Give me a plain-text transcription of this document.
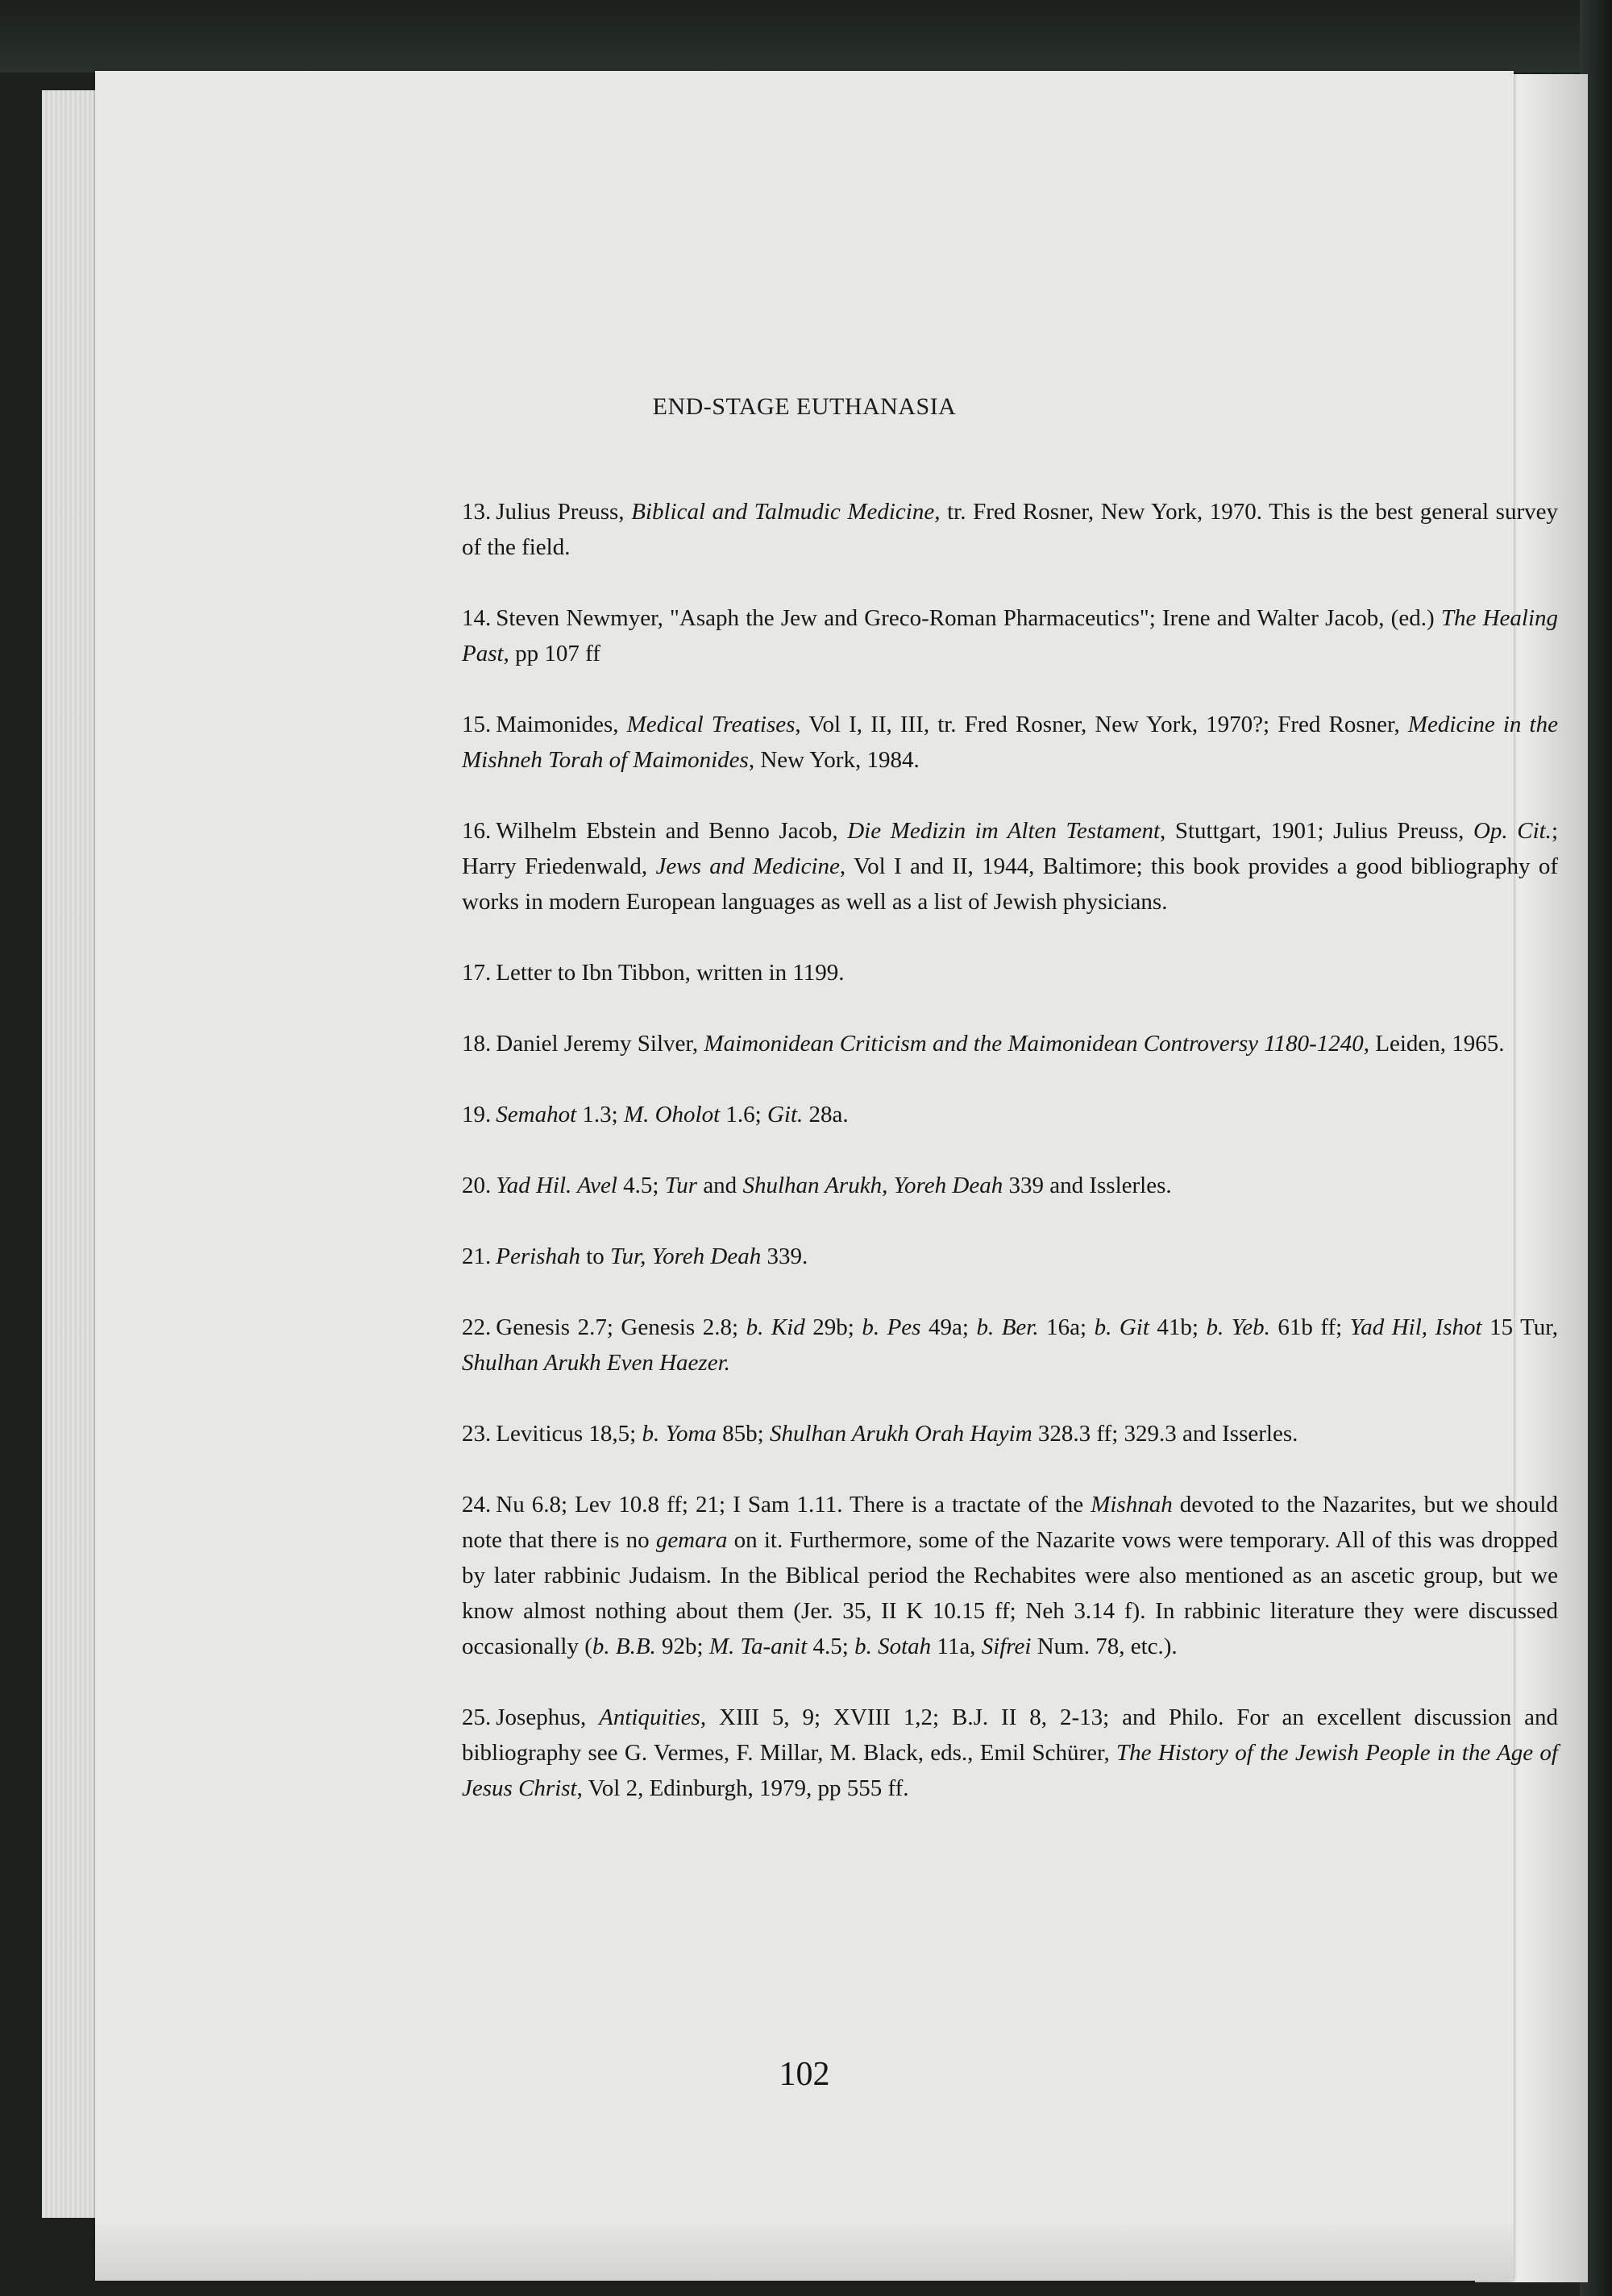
END-STAGE EUTHANASIA

13. Julius Preuss, Biblical and Talmudic Medicine, tr. Fred Rosner, New York, 1970. This is the best general survey of the field.

14. Steven Newmyer, "Asaph the Jew and Greco-Roman Pharmaceutics"; Irene and Walter Jacob, (ed.) The Healing Past, pp 107 ff

15. Maimonides, Medical Treatises, Vol I, II, III, tr. Fred Rosner, New York, 1970?; Fred Rosner, Medicine in the Mishneh Torah of Maimonides, New York, 1984.

16. Wilhelm Ebstein and Benno Jacob, Die Medizin im Alten Testament, Stuttgart, 1901; Julius Preuss, Op. Cit.; Harry Friedenwald, Jews and Medicine, Vol I and II, 1944, Baltimore; this book provides a good bibliography of works in modern European languages as well as a list of Jewish physicians.

17. Letter to Ibn Tibbon, written in 1199.

18. Daniel Jeremy Silver, Maimonidean Criticism and the Maimonidean Controversy 1180-1240, Leiden, 1965.

19. Semahot 1.3; M. Oholot 1.6; Git. 28a.

20. Yad Hil. Avel 4.5; Tur and Shulhan Arukh, Yoreh Deah 339 and Isslerles.

21. Perishah to Tur, Yoreh Deah 339.

22. Genesis 2.7; Genesis 2.8; b. Kid 29b; b. Pes 49a; b. Ber. 16a; b. Git 41b; b. Yeb. 61b ff; Yad Hil, Ishot 15 Tur, Shulhan Arukh Even Haezer.

23. Leviticus 18,5; b. Yoma 85b; Shulhan Arukh Orah Hayim 328.3 ff; 329.3 and Isserles.

24. Nu 6.8; Lev 10.8 ff; 21; I Sam 1.11. There is a tractate of the Mishnah devoted to the Nazarites, but we should note that there is no gemara on it. Furthermore, some of the Nazarite vows were temporary. All of this was dropped by later rabbinic Judaism. In the Biblical period the Rechabites were also mentioned as an ascetic group, but we know almost nothing about them (Jer. 35, II K 10.15 ff; Neh 3.14 f). In rabbinic literature they were discussed occasionally (b. B.B. 92b; M. Ta-anit 4.5; b. Sotah 11a, Sifrei Num. 78, etc.).

25. Josephus, Antiquities, XIII 5, 9; XVIII 1,2; B.J. II 8, 2-13; and Philo. For an excellent discussion and bibliography see G. Vermes, F. Millar, M. Black, eds., Emil Schürer, The History of the Jewish People in the Age of Jesus Christ, Vol 2, Edinburgh, 1979, pp 555 ff.

102
